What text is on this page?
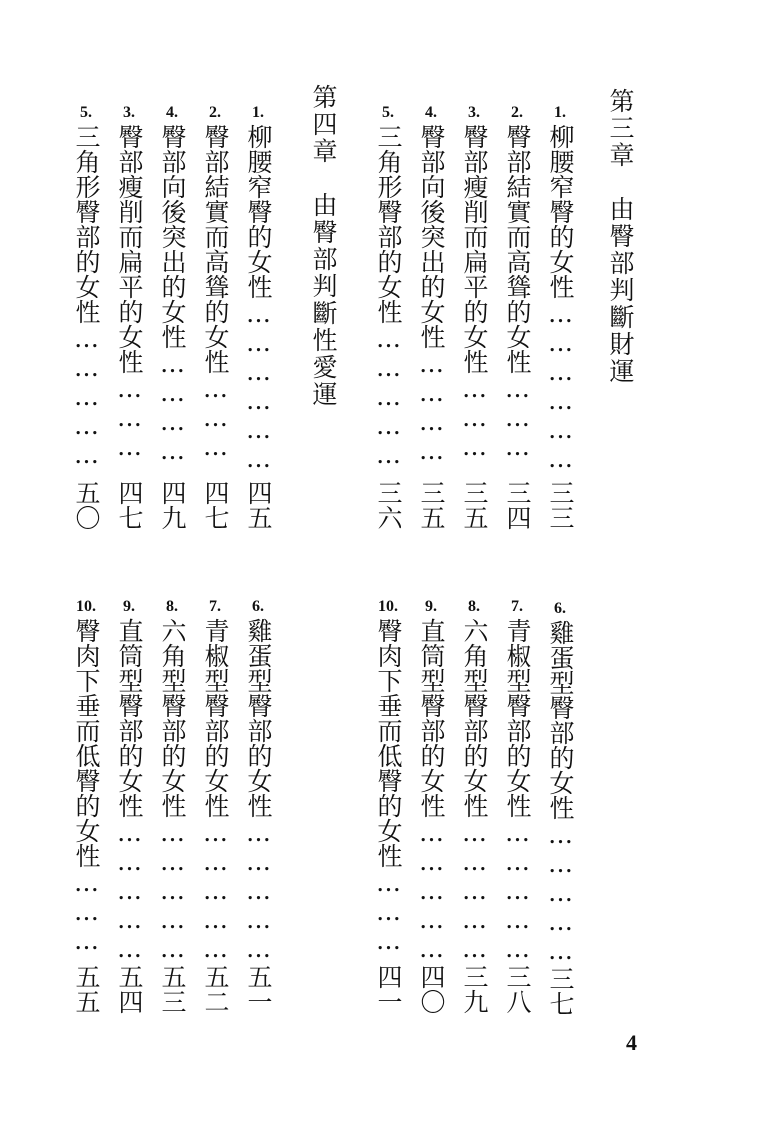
第三章　由臀部判斷財運
1.
柳腰窄臀的女性………………
三三
2.
臀部結實而高聳的女性………
三四
3.
臀部瘦削而扁平的女性………
三五
4.
臀部向後突出的女性…………
三五
5.
三角形臀部的女性……………
三六
第四章　由臀部判斷性愛運
1.
柳腰窄臀的女性………………
四五
2.
臀部結實而高聳的女性………
四七
4.
臀部向後突出的女性…………
四九
3.
臀部瘦削而扁平的女性………
四七
5.
三角形臀部的女性……………
五〇
6.
雞蛋型臀部的女性……………
三七
7.
青椒型臀部的女性……………
三八
8.
六角型臀部的女性……………
三九
9.
直筒型臀部的女性……………
四〇
10.
臀肉下垂而低臀的女性………
四一
6.
雞蛋型臀部的女性……………
五一
7.
青椒型臀部的女性……………
五二
8.
六角型臀部的女性……………
五三
9.
直筒型臀部的女性……………
五四
10.
臀肉下垂而低臀的女性………
五五
4
